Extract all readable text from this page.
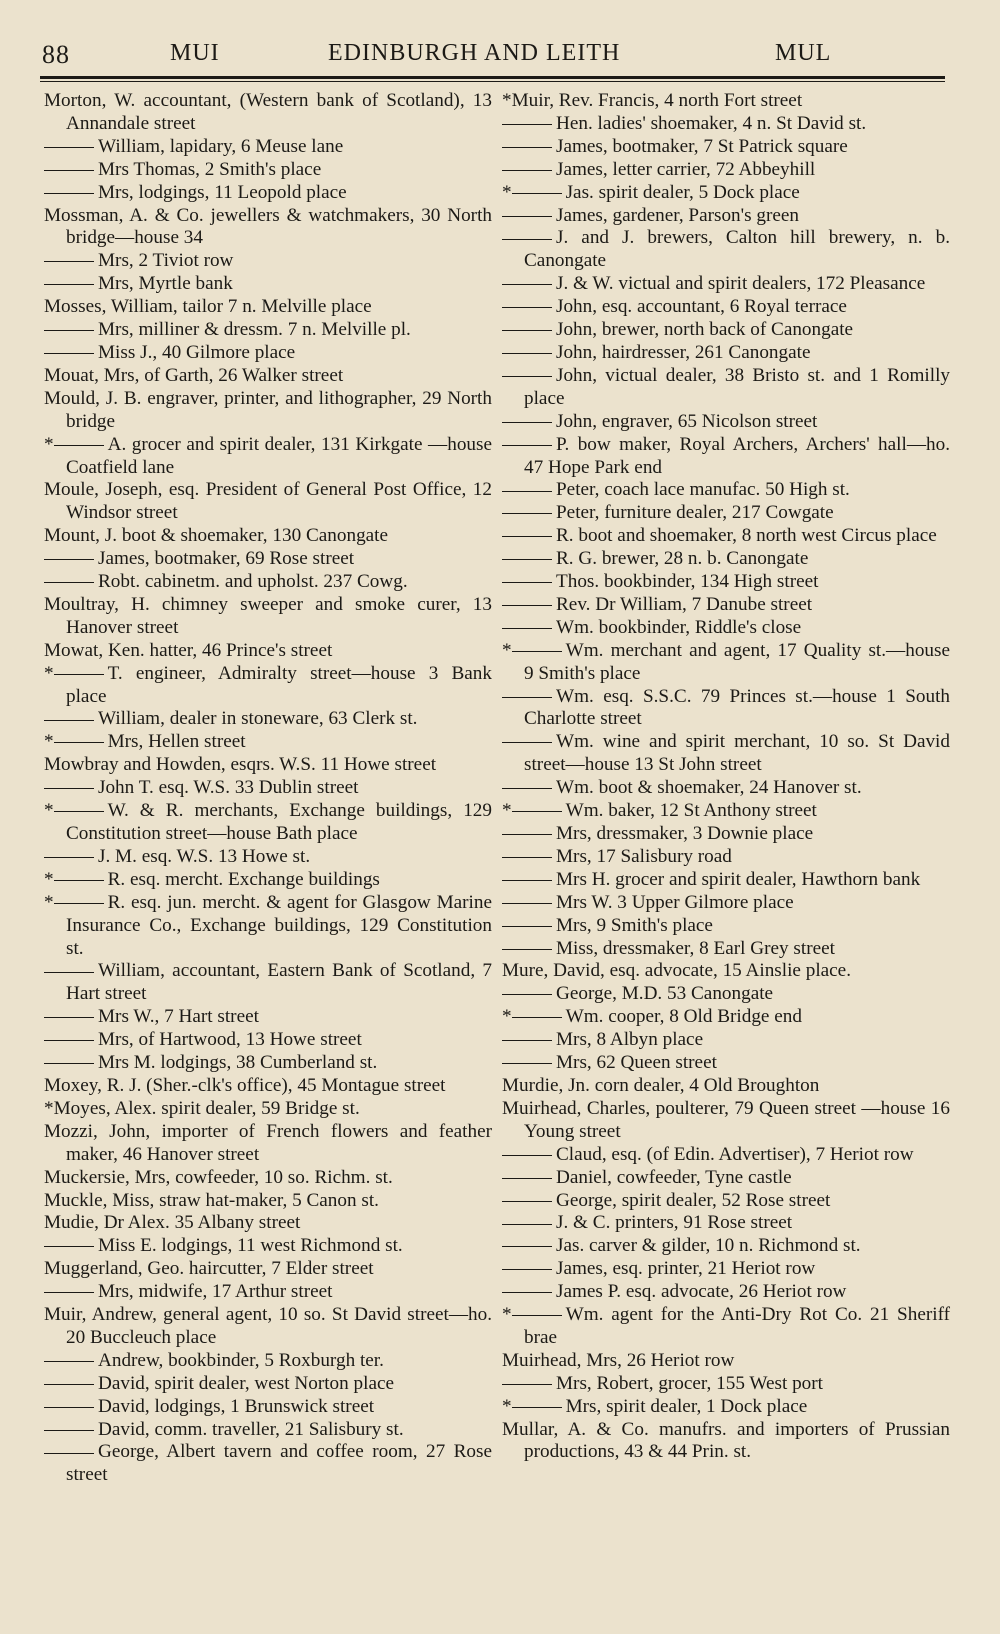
88	MUI	EDINBURGH AND LEITH	MUL
Morton, W. accountant, (Western bank of Scotland), 13 Annandale street
William, lapidary, 6 Meuse lane
Mrs Thomas, 2 Smith's place
Mrs, lodgings, 11 Leopold place
Mossman, A. & Co. jewellers & watchmakers, 30 North bridge—house 34
Mrs, 2 Tiviot row
Mrs, Myrtle bank
Mosses, William, tailor 7 n. Melville place
Mrs, milliner & dressm. 7 n. Melville pl.
Miss J., 40 Gilmore place
Mouat, Mrs, of Garth, 26 Walker street
Mould, J. B. engraver, printer, and lithographer, 29 North bridge
*	A. grocer and spirit dealer, 131 Kirkgate —house Coatfield lane
Moule, Joseph, esq. President of General Post Office, 12 Windsor street
Mount, J. boot & shoemaker, 130 Canongate
James, bootmaker, 69 Rose street
Robt. cabinetm. and upholst. 237 Cowg.
Moultray, H. chimney sweeper and smoke curer, 13 Hanover street
Mowat, Ken. hatter, 46 Prince's street
*	T. engineer, Admiralty street—house 3 Bank place
William, dealer in stoneware, 63 Clerk st.
*	Mrs, Hellen street
Mowbray and Howden, esqrs. W.S. 11 Howe street
John T. esq. W.S. 33 Dublin street
*	W. & R. merchants, Exchange buildings, 129 Constitution street—house Bath place
J. M. esq. W.S. 13 Howe st.
*	R. esq. mercht. Exchange buildings
*	R. esq. jun. mercht. & agent for Glasgow Marine Insurance Co., Exchange buildings, 129 Constitution st.
William, accountant, Eastern Bank of Scotland, 7 Hart street
Mrs W., 7 Hart street
Mrs, of Hartwood, 13 Howe street
Mrs M. lodgings, 38 Cumberland st.
Moxey, R. J. (Sher.-clk's office), 45 Montague street
*Moyes, Alex. spirit dealer, 59 Bridge st.
Mozzi, John, importer of French flowers and feather maker, 46 Hanover street
Muckersie, Mrs, cowfeeder, 10 so. Richm. st.
Muckle, Miss, straw hat-maker, 5 Canon st.
Mudie, Dr Alex. 35 Albany street
Miss E. lodgings, 11 west Richmond st.
Muggerland, Geo. haircutter, 7 Elder street
Mrs, midwife, 17 Arthur street
Muir, Andrew, general agent, 10 so. St David street—ho. 20 Buccleuch place
Andrew, bookbinder, 5 Roxburgh ter.
David, spirit dealer, west Norton place
David, lodgings, 1 Brunswick street
David, comm. traveller, 21 Salisbury st.
George, Albert tavern and coffee room, 27 Rose street
*Muir, Rev. Francis, 4 north Fort street
Hen. ladies' shoemaker, 4 n. St David st.
James, bootmaker, 7 St Patrick square
James, letter carrier, 72 Abbeyhill
*	Jas. spirit dealer, 5 Dock place
James, gardener, Parson's green
J. and J. brewers, Calton hill brewery, n. b. Canongate
J. & W. victual and spirit dealers, 172 Pleasance
John, esq. accountant, 6 Royal terrace
John, brewer, north back of Canongate
John, hairdresser, 261 Canongate
John, victual dealer, 38 Bristo st. and 1 Romilly place
John, engraver, 65 Nicolson street
P. bow maker, Royal Archers, Archers' hall—ho. 47 Hope Park end
Peter, coach lace manufac. 50 High st.
Peter, furniture dealer, 217 Cowgate
R. boot and shoemaker, 8 north west Circus place
R. G. brewer, 28 n. b. Canongate
Thos. bookbinder, 134 High street
Rev. Dr William, 7 Danube street
Wm. bookbinder, Riddle's close
*	Wm. merchant and agent, 17 Quality st.—house 9 Smith's place
Wm. esq. S.S.C. 79 Princes st.—house 1 South Charlotte street
Wm. wine and spirit merchant, 10 so. St David street—house 13 St John street
Wm. boot & shoemaker, 24 Hanover st.
*	Wm. baker, 12 St Anthony street
Mrs, dressmaker, 3 Downie place
Mrs, 17 Salisbury road
Mrs H. grocer and spirit dealer, Hawthorn bank
Mrs W. 3 Upper Gilmore place
Mrs, 9 Smith's place
Miss, dressmaker, 8 Earl Grey street
Mure, David, esq. advocate, 15 Ainslie place.
George, M.D. 53 Canongate
*	Wm. cooper, 8 Old Bridge end
Mrs, 8 Albyn place
Mrs, 62 Queen street
Murdie, Jn. corn dealer, 4 Old Broughton
Muirhead, Charles, poulterer, 79 Queen street —house 16 Young street
Claud, esq. (of Edin. Advertiser), 7 Heriot row
Daniel, cowfeeder, Tyne castle
George, spirit dealer, 52 Rose street
J. & C. printers, 91 Rose street
Jas. carver & gilder, 10 n. Richmond st.
James, esq. printer, 21 Heriot row
James P. esq. advocate, 26 Heriot row
*	Wm. agent for the Anti-Dry Rot Co. 21 Sheriff brae
Muirhead, Mrs, 26 Heriot row
Mrs, Robert, grocer, 155 West port
*	Mrs, spirit dealer, 1 Dock place
Mullar, A. & Co. manufrs. and importers of Prussian productions, 43 & 44 Prin. st.
